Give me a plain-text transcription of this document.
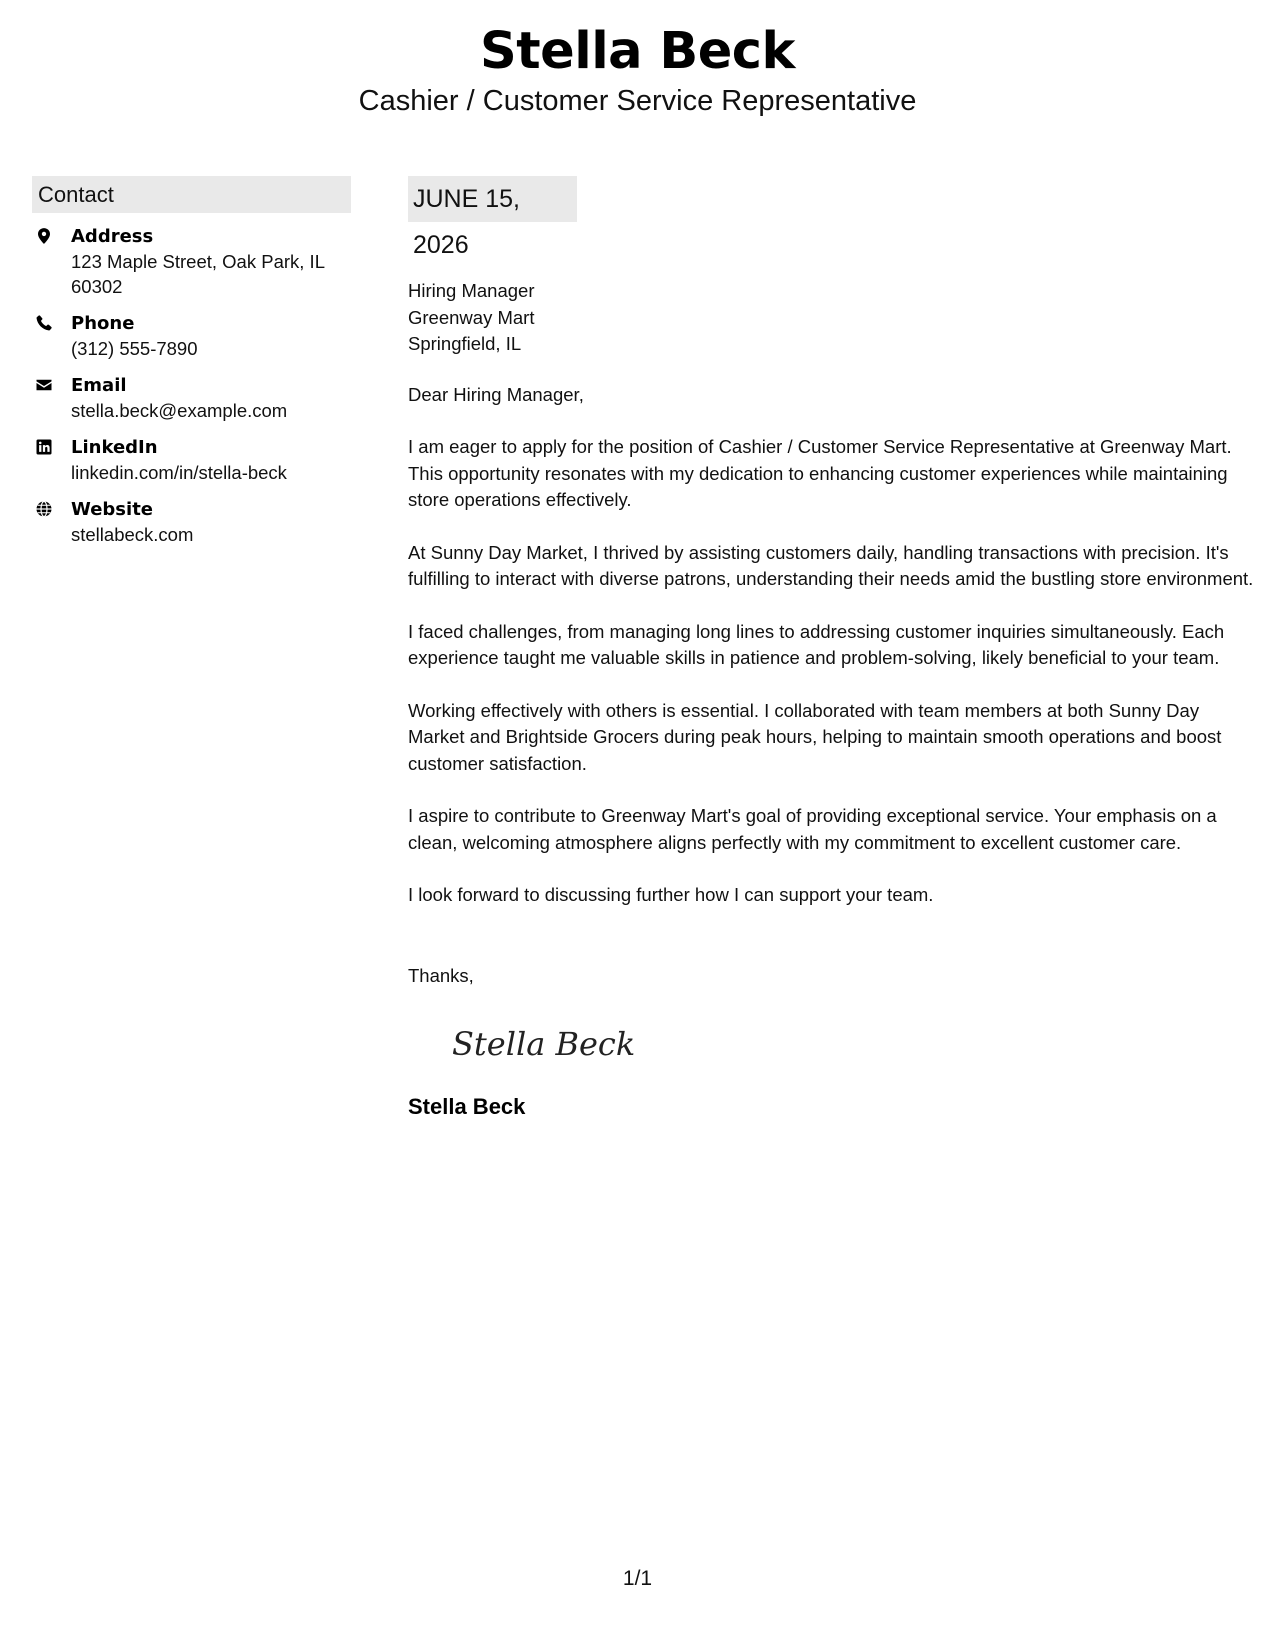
Stella Beck
Cashier / Customer Service Representative
Contact
Address
123 Maple Street, Oak Park, IL 60302
Phone
(312) 555-7890
Email
stella.beck@example.com
LinkedIn
linkedin.com/in/stella-beck
Website
stellabeck.com
JUNE 15, 2026
Hiring Manager
Greenway Mart
Springfield, IL

Dear Hiring Manager,

I am eager to apply for the position of Cashier / Customer Service Representative at Greenway Mart. This opportunity resonates with my dedication to enhancing customer experiences while maintaining store operations effectively.

At Sunny Day Market, I thrived by assisting customers daily, handling transactions with precision. It's fulfilling to interact with diverse patrons, understanding their needs amid the bustling store environment.

I faced challenges, from managing long lines to addressing customer inquiries simultaneously. Each experience taught me valuable skills in patience and problem-solving, likely beneficial to your team.

Working effectively with others is essential. I collaborated with team members at both Sunny Day Market and Brightside Grocers during peak hours, helping to maintain smooth operations and boost customer satisfaction.

I aspire to contribute to Greenway Mart's goal of providing exceptional service. Your emphasis on a clean, welcoming atmosphere aligns perfectly with my commitment to excellent customer care.

I look forward to discussing further how I can support your team.

Thanks,

Stella Beck
Stella Beck
1/1
